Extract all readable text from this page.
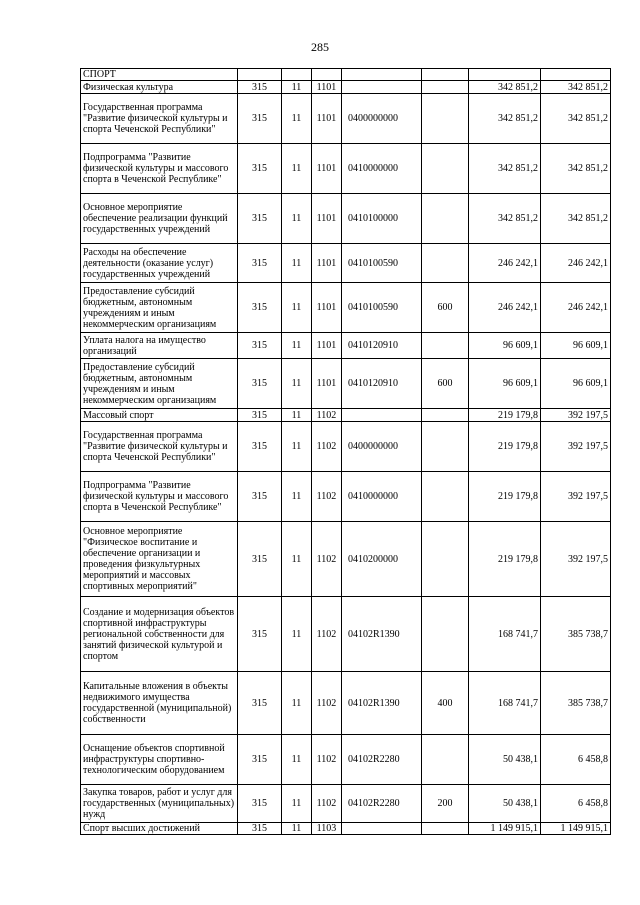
285
СПОРТ							
Физическая культура	315	11	1101			342 851,2	342 851,2
Государственная программа "Развитие физической культуры и спорта Чеченской Республики"	315	11	1101	0400000000		342 851,2	342 851,2
Подпрограмма "Развитие физической культуры и массового спорта в Чеченской Республике"	315	11	1101	0410000000		342 851,2	342 851,2
Основное мероприятие обеспечение реализации функций государственных учреждений	315	11	1101	0410100000		342 851,2	342 851,2
Расходы на обеспечение деятельности (оказание услуг) государственных учреждений	315	11	1101	0410100590		246 242,1	246 242,1
Предоставление субсидий бюджетным, автономным учреждениям и иным некоммерческим организациям	315	11	1101	0410100590	600	246 242,1	246 242,1
Уплата налога на имущество организаций	315	11	1101	0410120910		96 609,1	96 609,1
Предоставление субсидий бюджетным, автономным учреждениям и иным некоммерческим организациям	315	11	1101	0410120910	600	96 609,1	96 609,1
Массовый спорт	315	11	1102			219 179,8	392 197,5
Государственная программа "Развитие физической культуры и спорта Чеченской Республики"	315	11	1102	0400000000		219 179,8	392 197,5
Подпрограмма "Развитие физической культуры и массового спорта в Чеченской Республике"	315	11	1102	0410000000		219 179,8	392 197,5
Основное мероприятие "Физическое воспитание и обеспечение организации и проведения физкультурных мероприятий и массовых спортивных мероприятий"	315	11	1102	0410200000		219 179,8	392 197,5
Создание и модернизация объектов спортивной инфраструктуры региональной собственности для занятий физической культурой и спортом	315	11	1102	04102R1390		168 741,7	385 738,7
Капитальные вложения в объекты недвижимого имущества государственной (муниципальной) собственности	315	11	1102	04102R1390	400	168 741,7	385 738,7
Оснащение объектов спортивной инфраструктуры спортивно-технологическим оборудованием	315	11	1102	04102R2280		50 438,1	6 458,8
Закупка товаров, работ и услуг для государственных (муниципальных) нужд	315	11	1102	04102R2280	200	50 438,1	6 458,8
Спорт высших достижений	315	11	1103			1 149 915,1	1 149 915,1
